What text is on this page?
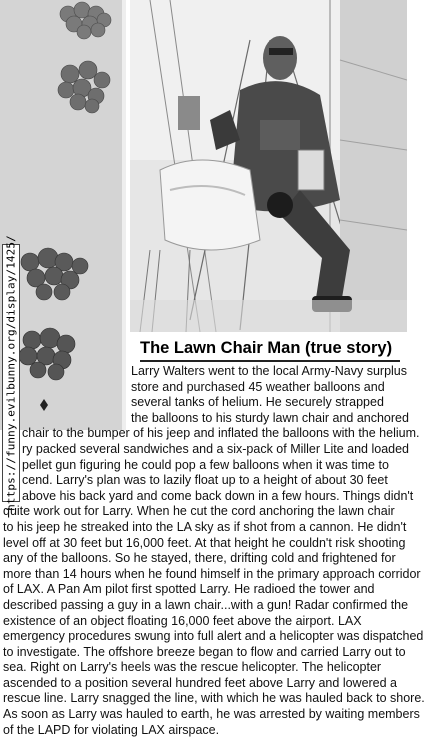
https://funny.evilbunny.org/display/1425/	The Lawn Chair Man (true story)
Larry Walters went to the local Army-Navy surplus
store and purchased 45 weather balloons and
several tanks of helium. He securely strapped
the balloons to his sturdy lawn chair and anchored
chair to the bumper of his jeep and inflated the balloons with the helium.
ry packed several sandwiches and a six-pack of Miller Lite and loaded
pellet gun figuring he could pop a few balloons when it was time to
cend. Larry's plan was to lazily float up to a height of about 30 feet
above his back yard and come back down in a few hours. Things didn't
quite work out for Larry. When he cut the cord anchoring the lawn chair
to his jeep he streaked into the LA sky as if shot from a cannon. He didn't
level off at 30 feet but 16,000 feet. At that height he couldn't risk shooting
any of the balloons. So he stayed, there, drifting cold and frightened for
more than 14 hours when he found himself in the primary approach corridor
of LAX. A Pan Am pilot first spotted Larry. He radioed the tower and
described passing a guy in a lawn chair...with a gun! Radar confirmed the
existence of an object floating 16,000 feet above the airport. LAX
emergency procedures swung into full alert and a helicopter was dispatched
to investigate. The offshore breeze began to flow and carried Larry out to
sea. Right on Larry's heels was the rescue helicopter. The helicopter
ascended to a position several hundred feet above Larry and lowered a
rescue line. Larry snagged the line, with which he was hauled back to shore.
As soon as Larry was hauled to earth, he was arrested by waiting members
of the LAPD for violating LAX airspace.
